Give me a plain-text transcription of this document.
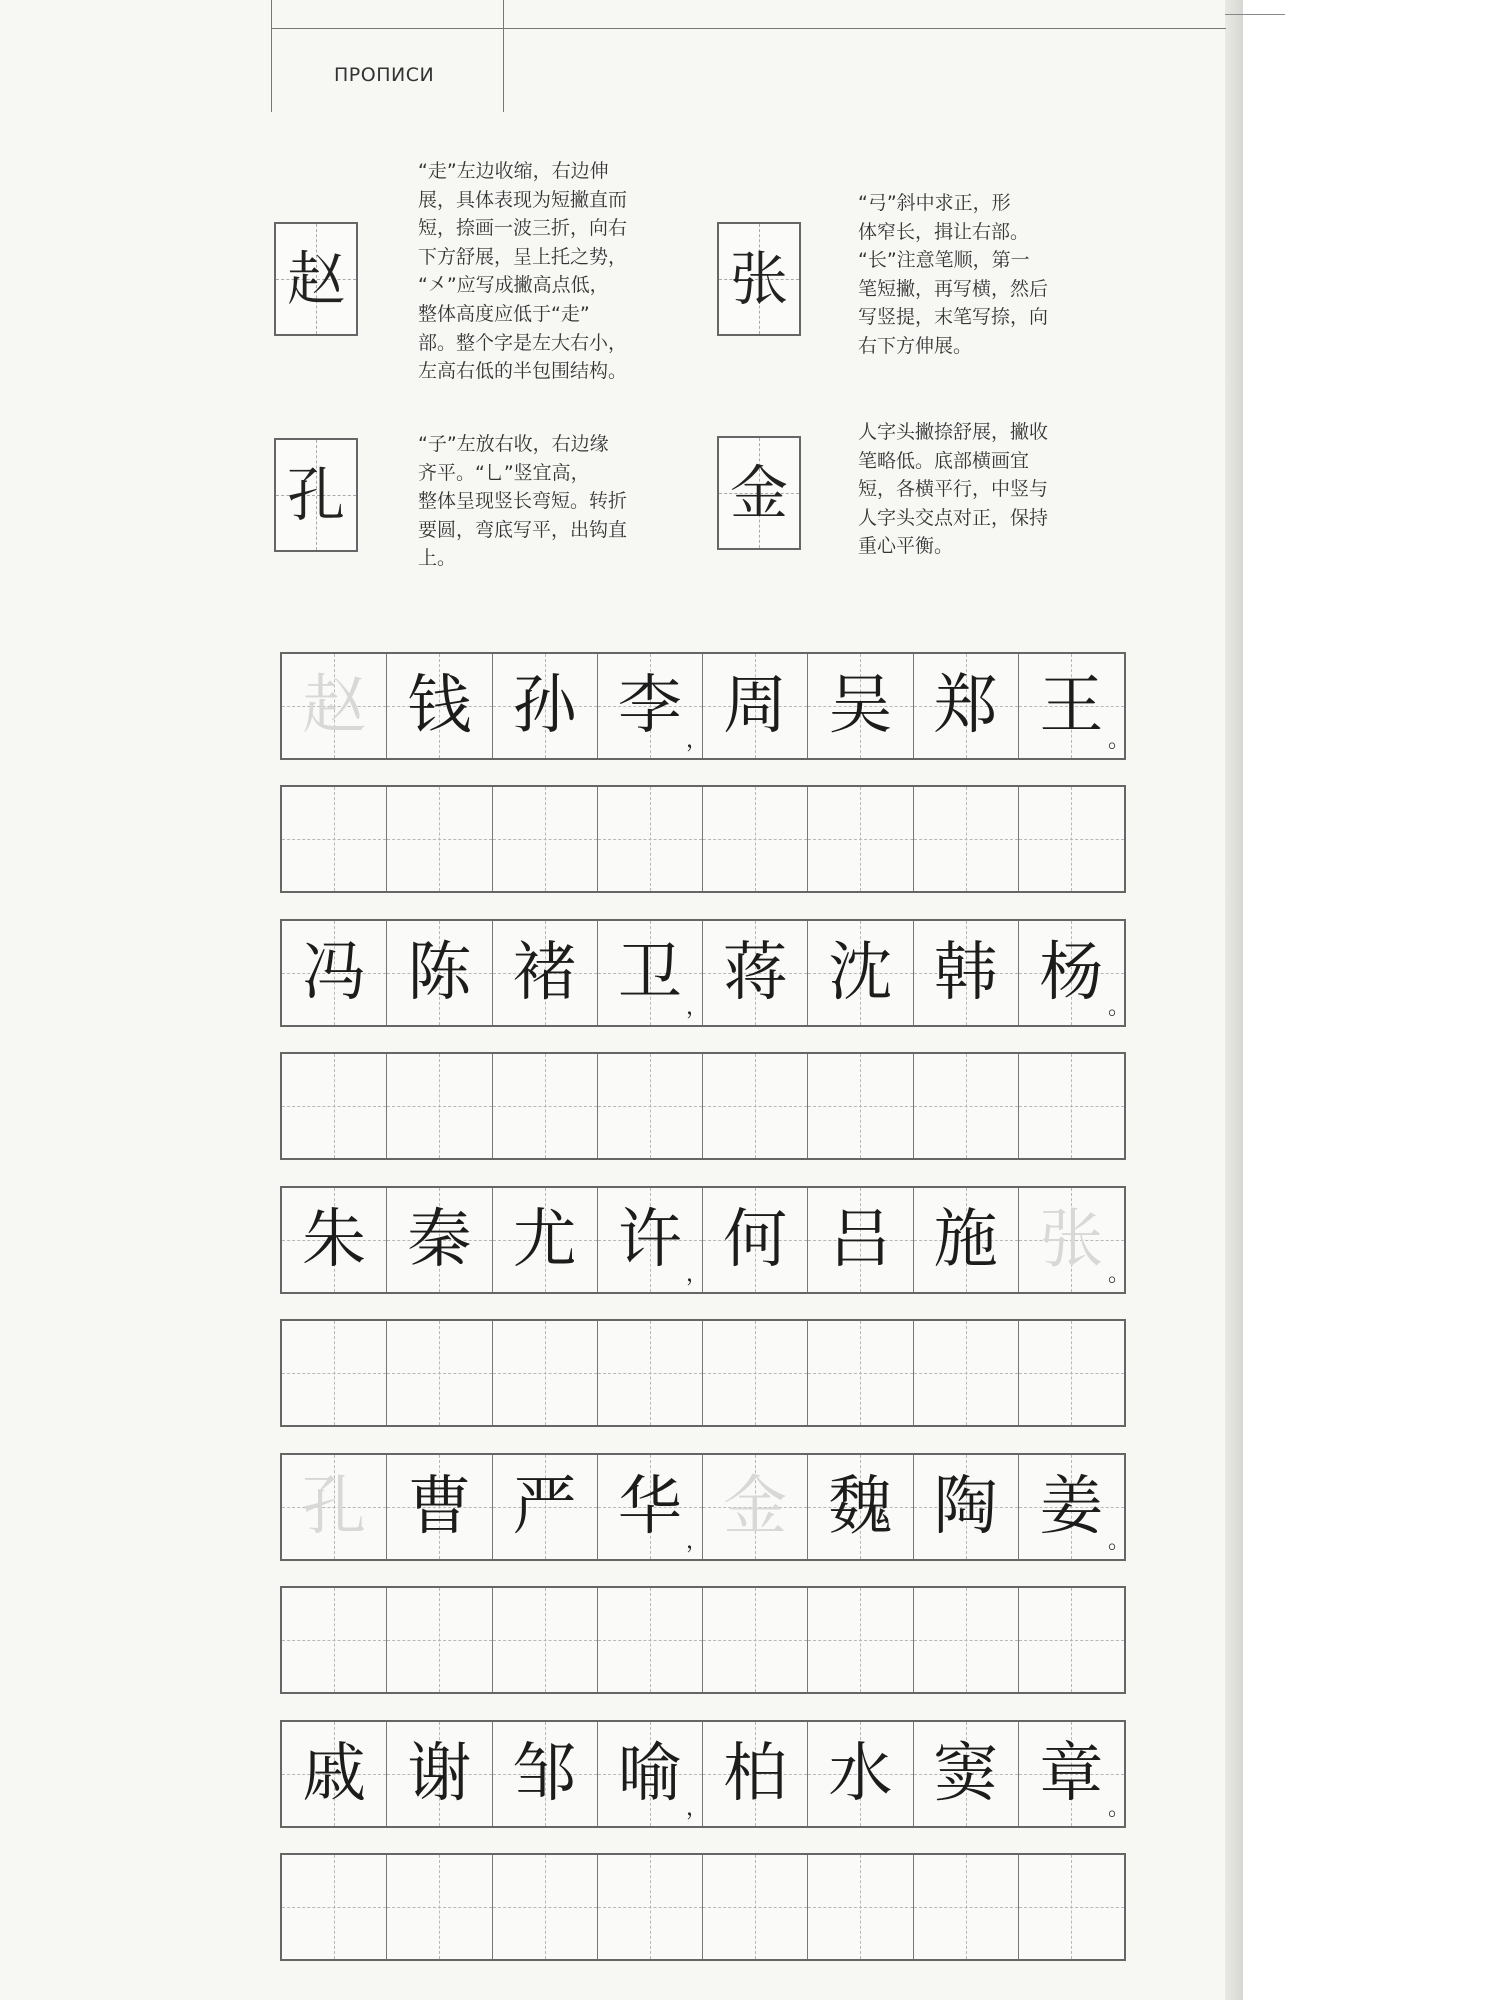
ПРОПИСИ
赵
“走”左边收缩，右边伸
展，具体表现为短撇直而
短，捺画一波三折，向右
下方舒展，呈上托之势，
“㐅”应写成撇高点低，
整体高度应低于“走”
部。整个字是左大右小，
左高右低的半包围结构。
张
“弓”斜中求正，形
体窄长，揖让右部。
“长”注意笔顺，第一
笔短撇，再写横，然后
写竖提，末笔写捺，向
右下方伸展。
孔
“子”左放右收，右边缘
齐平。“乚”竖宜高，
整体呈现竖长弯短。转折
要圆，弯底写平，出钩直
上。
金
人字头撇捺舒展，撇收
笔略低。底部横画宜
短，各横平行，中竖与
人字头交点对正，保持
重心平衡。
赵 钱 孙 李 ， 周 吴 郑 王 。
冯 陈 褚 卫 ， 蒋 沈 韩 杨 。
朱 秦 尤 许 ， 何 吕 施 张 。
孔 曹 严 华 ， 金 魏 陶 姜 。
戚 谢 邹 喻 ， 柏 水 窦 章 。
